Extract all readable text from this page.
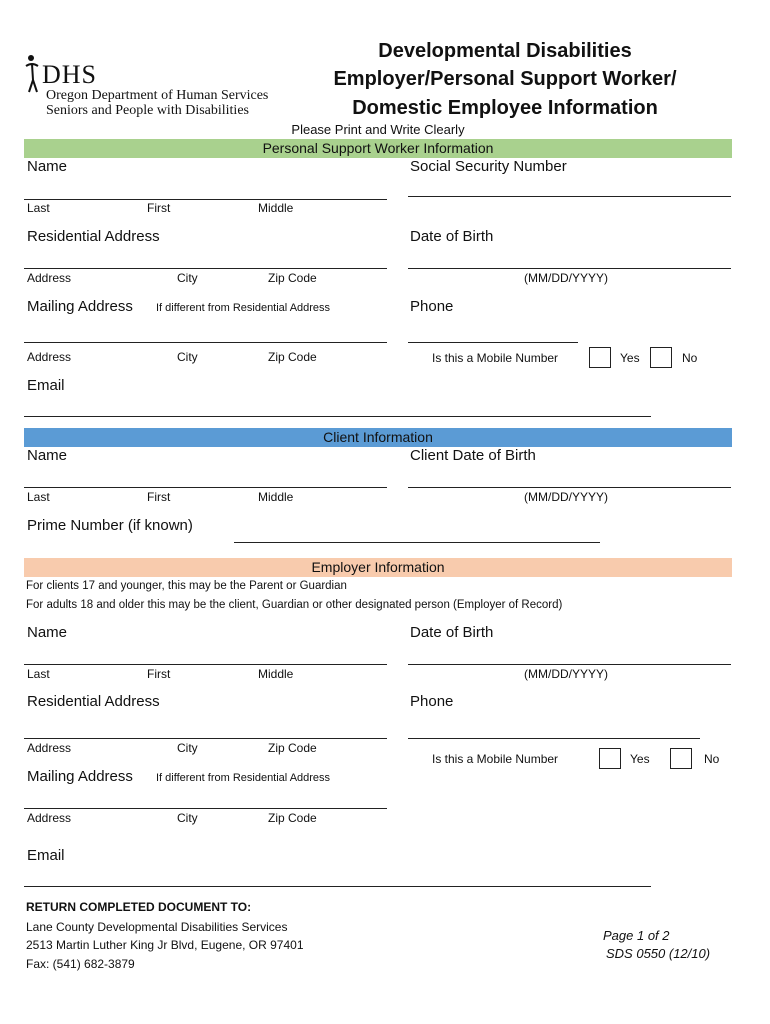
DHS
Oregon Department of Human Services
Seniors and People with Disabilities
Developmental Disabilities
Employer/Personal Support Worker/
Domestic Employee Information
Please Print and Write Clearly
Personal Support Worker Information
Name	Social Security Number
Last	First	Middle
Residential Address	Date of Birth
Address	City	Zip Code	(MM/DD/YYYY)
Mailing Address If different from Residential Address	Phone
Address	City	Zip Code	Is this a Mobile Number	Yes	No
Email
Client Information
Name	Client Date of Birth
Last	First	Middle	(MM/DD/YYYY)
Prime Number (if known)
Employer Information
For clients 17 and younger, this may be the Parent or Guardian
For adults 18 and older this may be the client, Guardian or other designated person (Employer of Record)
Name	Date of Birth
Last	First	Middle	(MM/DD/YYYY)
Residential Address	Phone
Address	City	Zip Code
Is this a Mobile Number	Yes	No
Mailing Address If different from Residential Address
Address	City	Zip Code
Email
RETURN COMPLETED DOCUMENT TO:
Lane County Developmental Disabilities Services
2513 Martin Luther King Jr Blvd, Eugene, OR 97401
Fax: (541) 682-3879
Page 1 of 2
SDS 0550 (12/10)
